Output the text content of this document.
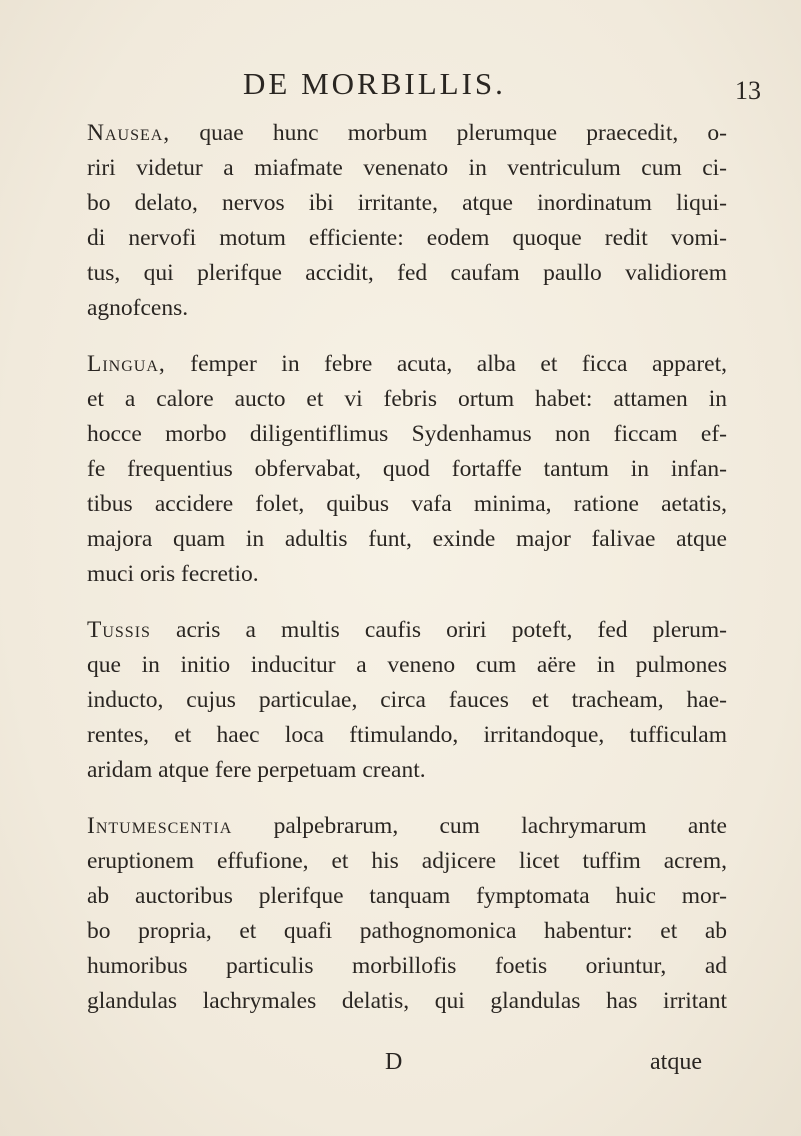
DE MORBILLIS.	13
Nausea, quae hunc morbum plerumque praecedit, o-
riri videtur a miafmate venenato in ventriculum cum ci-
bo delato, nervos ibi irritante, atque inordinatum liqui-
di nervofi motum efficiente: eodem quoque redit vomi-
tus, qui plerifque accidit, fed caufam paullo validiorem
agnofcens.
Lingua, femper in febre acuta, alba et ficca apparet,
et a calore aucto et vi febris ortum habet: attamen in
hocce morbo diligentiflimus Sydenhamus non ficcam ef-
fe frequentius obfervabat, quod fortaffe tantum in infan-
tibus accidere folet, quibus vafa minima, ratione aetatis,
majora quam in adultis funt, exinde major falivae atque
muci oris fecretio.
Tussis acris a multis caufis oriri poteft, fed plerum-
que in initio inducitur a veneno cum aëre in pulmones
inducto, cujus particulae, circa fauces et tracheam, hae-
rentes, et haec loca ftimulando, irritandoque, tufficulam
aridam atque fere perpetuam creant.
Intumescentia palpebrarum, cum lachrymarum ante
eruptionem effufione, et his adjicere licet tuffim acrem,
ab auctoribus plerifque tanquam fymptomata huic mor-
bo propria, et quafi pathognomonica habentur: et ab
humoribus particulis morbillofis foetis oriuntur, ad
glandulas lachrymales delatis, qui glandulas has irritant
D	atque
